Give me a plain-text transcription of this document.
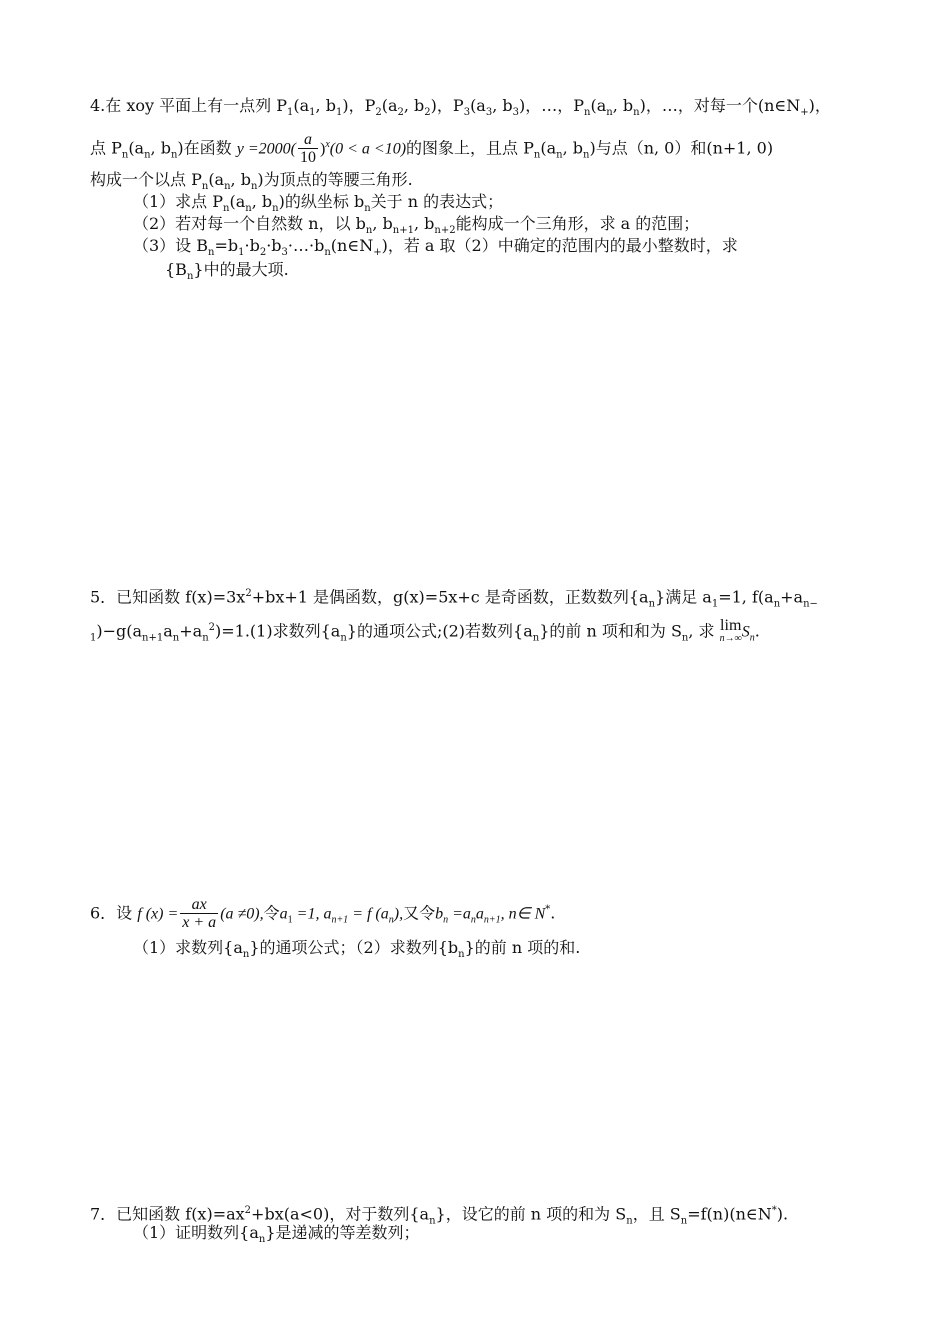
4.在 xoy 平面上有一点列 $P_1(a_1$, $b_1$)，$P_2(a_2$, $b_2$)，$P_3(a_3$, $b_3$)，…，$P_n(a_n$, $b_n$)，…，对每一个$(n\in N_+)$，
点 $P_n(a_n$, $b_n$)在函数 $y =2000( \frac{a}{10} )^x(0 < a <10)$的图象上，且点 $P_n(a_n$, $b_n$)与点（n, 0）和(n+1, 0)
构成一个以点 $P_n(a_n$, $b_n$)为顶点的等腰三角形.
（1）求点 $P_n(a_n$, $b_n$)的纵坐标 $b_n$关于 n 的表达式；
（2）若对每一个自然数 n，以 $b_n$, $b_{n+1}$, $b_{n+2}$能构成一个三角形，求 a 的范围；
（3）设 $B_n=b_1\cdot b_2\cdot b_3\cdot\dots\cdot b_n(n\in N_+)$，若 a 取（2）中确定的范围内的最小整数时，求
$\{B_n\}$中的最大项.
5．已知函数 $f(x)=3x^2+bx+1$ 是偶函数，g(x)=5x+c 是奇函数，正数数列$\{a_n\}$满足 $a_1=1$, $f(a_n+a_{n-}$
$_1)-g(a_{n+1}a_n+a_n^2)=1.(1)$求数列$\{a_n\}$的通项公式;(2)若数列$\{a_n\}$的前 n 项和和为 $S_n$, 求 lim
n→∞ $S_n$.
6．设 f $(x) = \frac{ax}{x + a} (a \ne 0)$,令$a_1 =1$, $a_{n+1} = f$ $(a_n)$,又令$b_n =a_na_{n+1}$, n∈ N*.
（1）求数列$\{a_n\}$的通项公式；（2）求数列$\{b_n\}$的前 n 项的和.
7．已知函数 $f(x)=ax^2+bx(a<0)$，对于数列$\{a_n\}$，设它的前 n 项的和为 $S_n$，且 $S_n=f(n)(n\in N^*)$.
（1）证明数列$\{a_n\}$是递减的等差数列；
